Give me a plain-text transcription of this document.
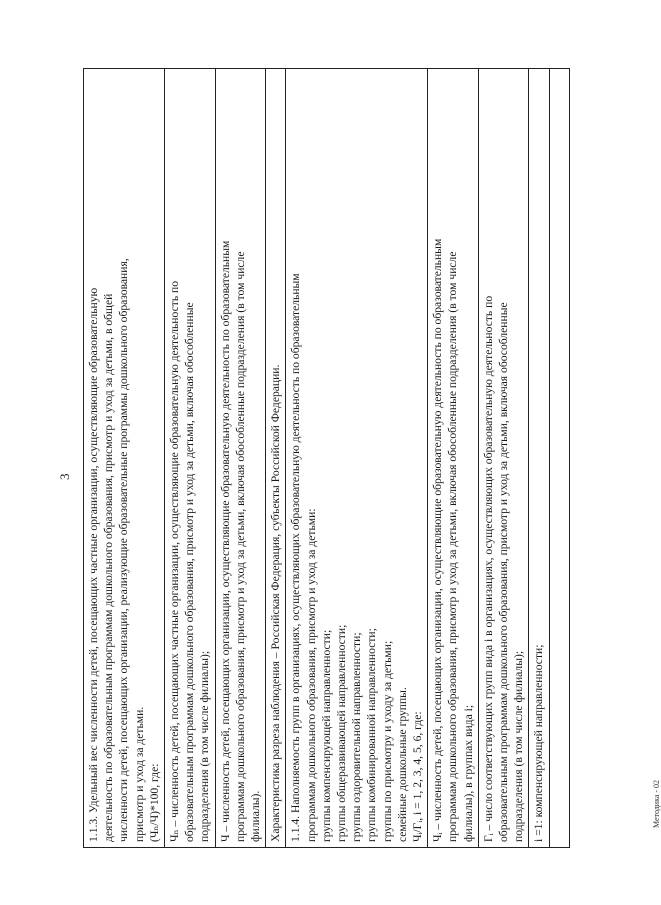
3 1.1.3. Удельный вес численности детей, посещающих частные организации, осуществляющие образовательную деятельность по образовательным программам дошкольного образования, присмотр и уход за детьми, в общей численности детей, посещающих организации, реализующие образовательные программы дошкольного образования, присмотр и уход за детьми. (Чₙ/Ч)*100, где:

Чₙ – численность детей, посещающих частные организации, осуществляющие образовательную деятельность по образовательным программам дошкольного образования, присмотр и уход за детьми, включая обособленные подразделения (в том числе филиалы);

Ч – численность детей, посещающих организации, осуществляющие образовательную деятельность по образовательным программам дошкольного образования, присмотр и уход за детьми, включая обособленные подразделения (в том числе филиалы).

Характеристика разреза наблюдения – Российская Федерация, субъекты Российской Федерации.

1.1.4. Наполняемость групп в организациях, осуществляющих образовательную деятельность по образовательным программам дошкольного образования, присмотр и уход за детьми: группы компенсирующей направленности; группы общеразвивающей направленности; группы оздоровительной направленности; группы комбинированной направленности; группы по присмотру и уходу за детьми; семейные дошкольные группы. Чᵢ/Гᵢ, i = 1, 2, 3, 4, 5, 6, где:

Чᵢ – численность детей, посещающих организации, осуществляющие образовательную деятельность по образовательным программам дошкольного образования, присмотр и уход за детьми, включая обособленные подразделения (в том числе филиалы), в группах вида i;

Гᵢ – число соответствующих групп вида i в организациях, осуществляющих образовательную деятельность по образовательным программам дошкольного образования, присмотр и уход за детьми, включая обособленные подразделения (в том числе филиалы);

i =1: компенсирующей направленности;

	Методика - 02
